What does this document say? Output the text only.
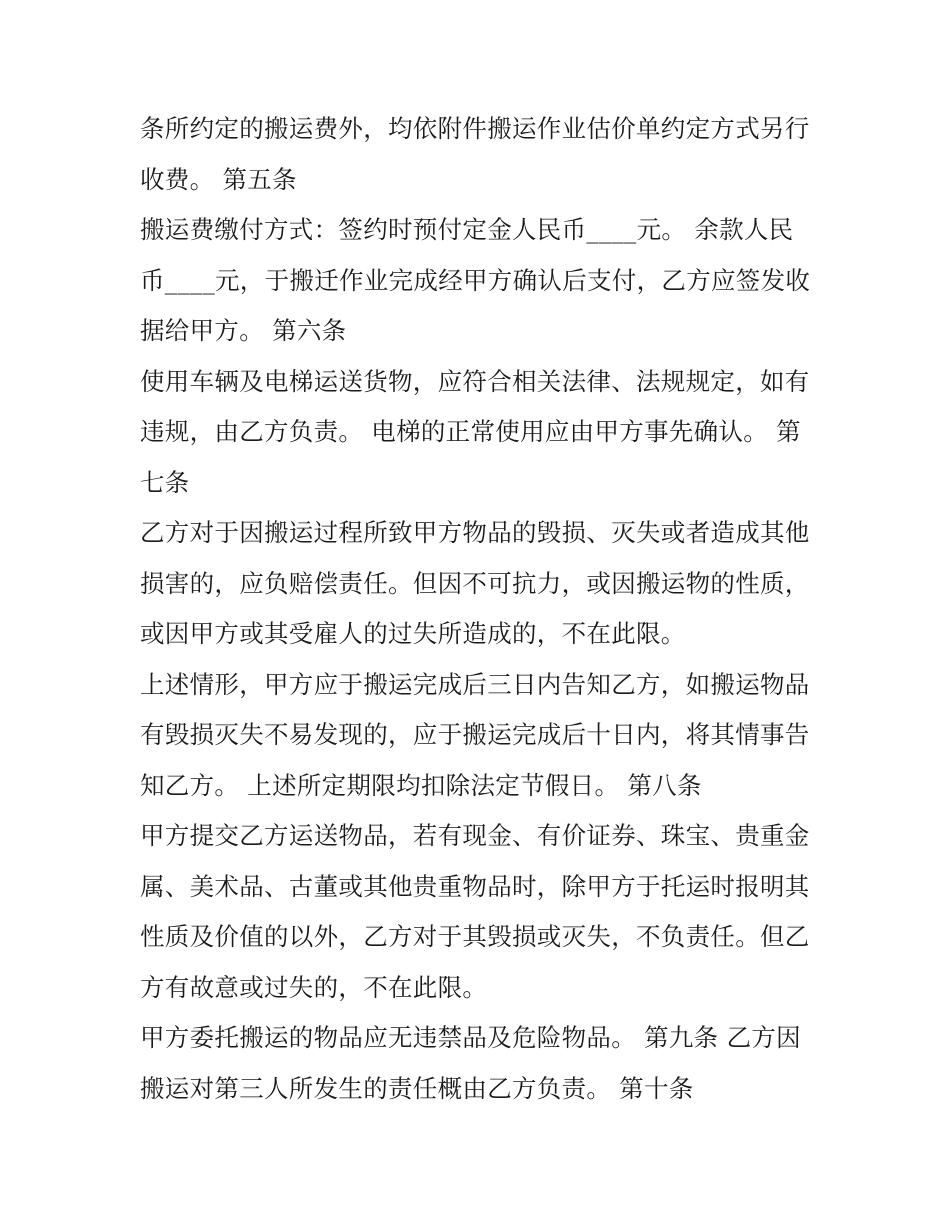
条所约定的搬运费外，均依附件搬运作业估价单约定方式另行
收费。 第五条
搬运费缴付方式：签约时预付定金人民币____元。 余款人民
币____元，于搬迁作业完成经甲方确认后支付，乙方应签发收
据给甲方。 第六条
使用车辆及电梯运送货物，应符合相关法律、法规规定，如有
违规，由乙方负责。 电梯的正常使用应由甲方事先确认。 第
七条
乙方对于因搬运过程所致甲方物品的毁损、灭失或者造成其他
损害的，应负赔偿责任。但因不可抗力，或因搬运物的性质，
或因甲方或其受雇人的过失所造成的，不在此限。
上述情形，甲方应于搬运完成后三日内告知乙方，如搬运物品
有毁损灭失不易发现的，应于搬运完成后十日内，将其情事告
知乙方。 上述所定期限均扣除法定节假日。 第八条
甲方提交乙方运送物品，若有现金、有价证券、珠宝、贵重金
属、美术品、古董或其他贵重物品时，除甲方于托运时报明其
性质及价值的以外，乙方对于其毁损或灭失，不负责任。但乙
方有故意或过失的，不在此限。
甲方委托搬运的物品应无违禁品及危险物品。 第九条 乙方因
搬运对第三人所发生的责任概由乙方负责。 第十条
